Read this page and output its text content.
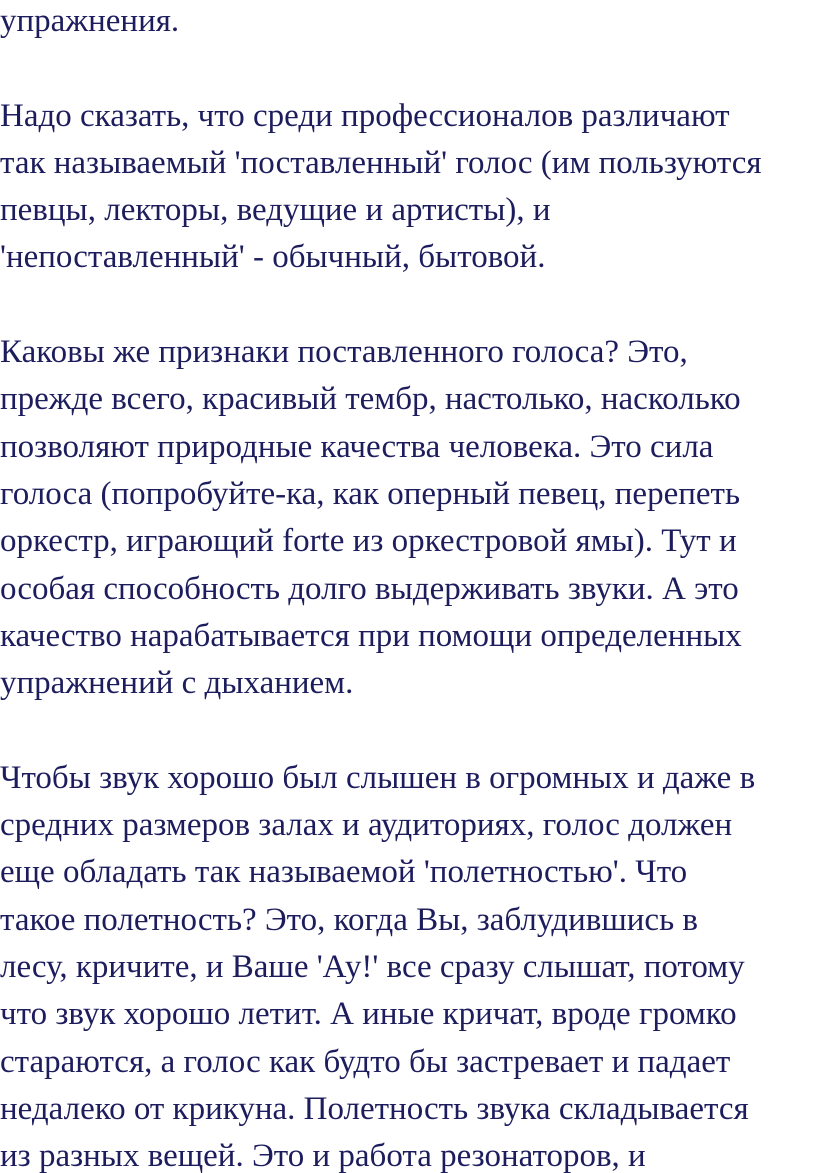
упражнения.
Надо сказать, что среди профессионалов различают
так называемый 'поставленный' голос (им пользуются
певцы, лекторы, ведущие и артисты), и
'непоставленный' - обычный, бытовой.
Каковы же признаки поставленного голоса? Это,
прежде всего, красивый тембр, настолько, насколько
позволяют природные качества человека. Это сила
голоса (попробуйте-ка, как оперный певец, перепеть
оркестр, играющий forte из оркестровой ямы). Тут и
особая способность долго выдерживать звуки. А это
качество нарабатывается при помощи определенных
упражнений с дыханием.
Чтобы звук хорошо был слышен в огромных и даже в
средних размеров залах и аудиториях, голос должен
еще обладать так называемой 'полетностью'. Что
такое полетность? Это, когда Вы, заблудившись в
лесу, кричите, и Ваше 'Ау!' все сразу слышат, потому
что звук хорошо летит. А иные кричат, вроде громко
стараются, а голос как будто бы застревает и падает
недалеко от крикуна. Полетность звука складывается
из разных вещей. Это и работа резонаторов, и
